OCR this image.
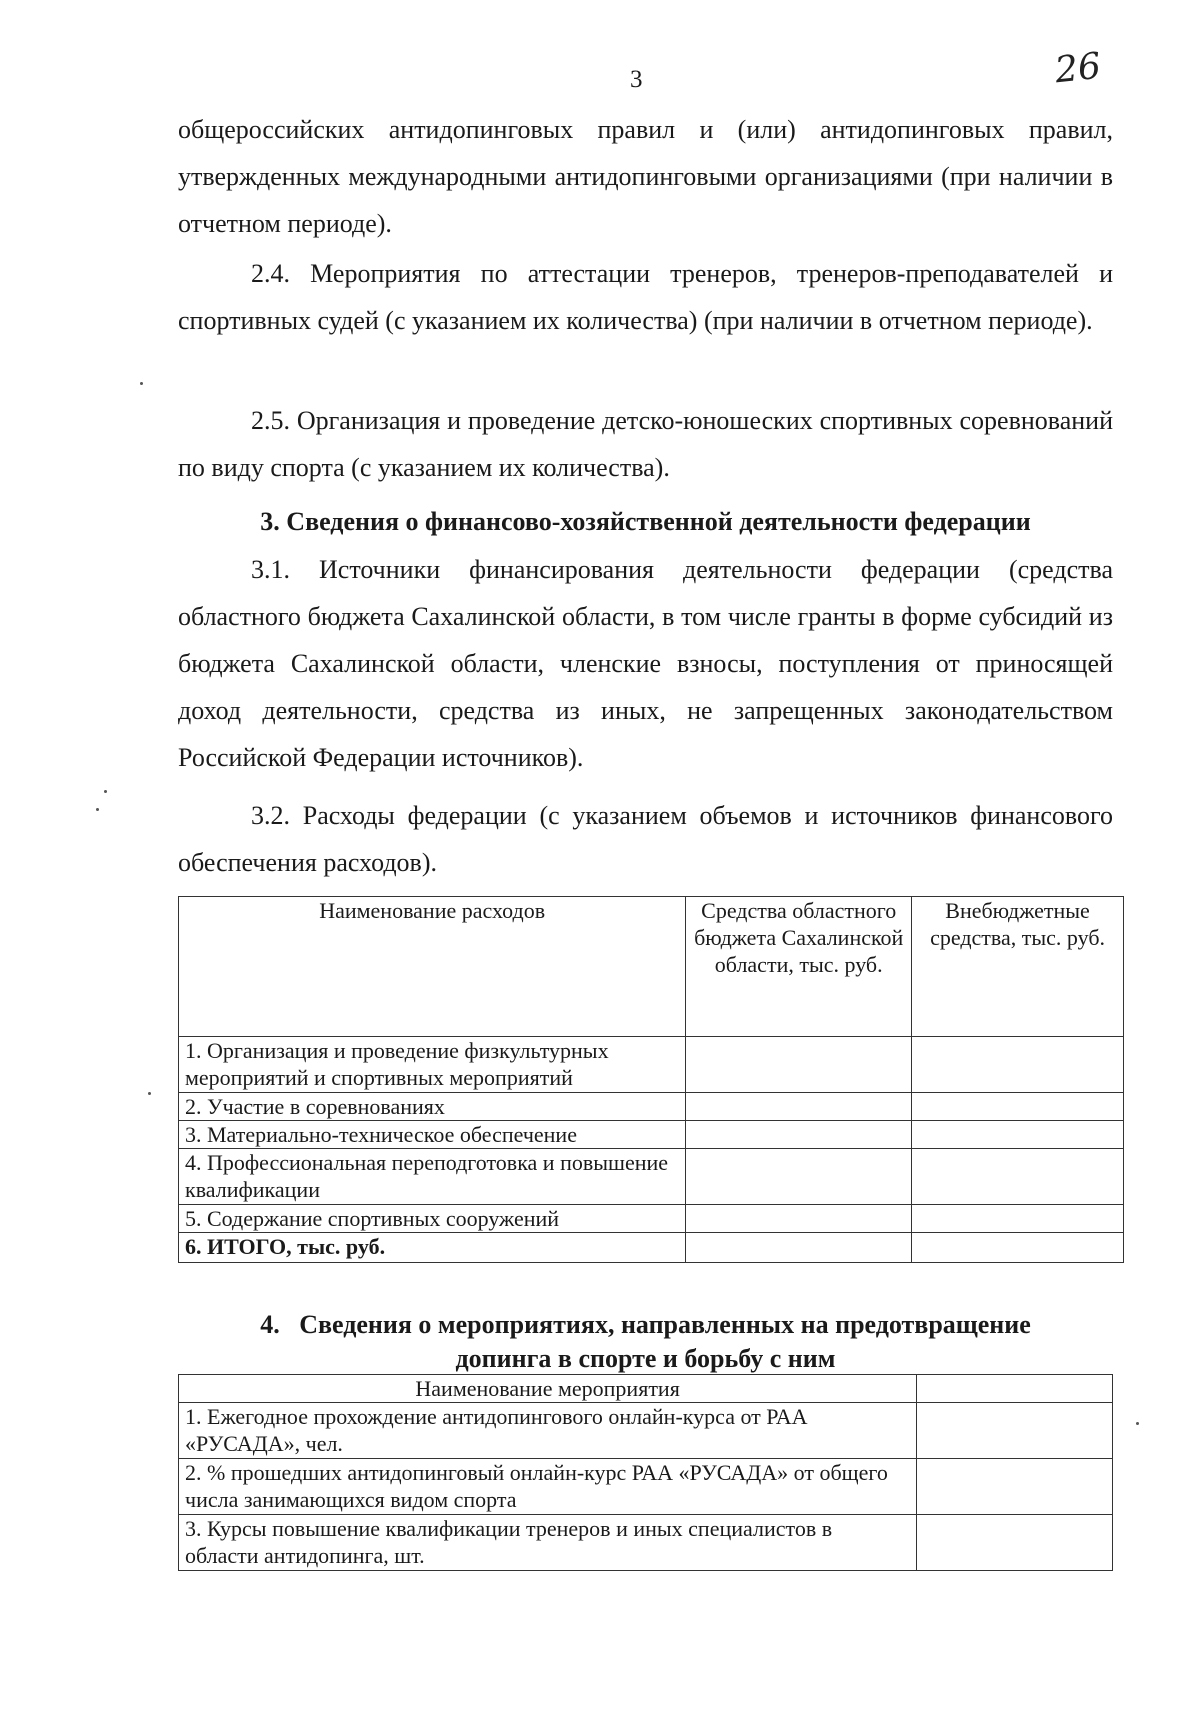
3	26

общероссийских антидопинговых правил и (или) антидопинговых правил, утвержденных международными антидопинговыми организациями (при наличии в отчетном периоде).

2.4. Мероприятия по аттестации тренеров, тренеров-преподавателей и спортивных судей (с указанием их количества) (при наличии в отчетном периоде).

2.5. Организация и проведение детско-юношеских спортивных соревнований по виду спорта (с указанием их количества).

3. Сведения о финансово-хозяйственной деятельности федерации

3.1. Источники финансирования деятельности федерации (средства областного бюджета Сахалинской области, в том числе гранты в форме субсидий из бюджета Сахалинской области, членские взносы, поступления от приносящей доход деятельности, средства из иных, не запрещенных законодательством Российской Федерации источников).

3.2. Расходы федерации (с указанием объемов и источников финансового обеспечения расходов).

Наименование расходов	Средства областного бюджета Сахалинской области, тыс. руб.	Внебюджетные средства, тыс. руб.
1. Организация и проведение физкультурных мероприятий и спортивных мероприятий		
2. Участие в соревнованиях		
3. Материально-техническое обеспечение		
4. Профессиональная переподготовка и повышение квалификации		
5. Содержание спортивных сооружений		
6. ИТОГО, тыс. руб.		
4. Сведения о мероприятиях, направленных на предотвращение
допинга в спорте и борьбу с ним
Наименование мероприятия	
1. Ежегодное прохождение антидопингового онлайн-курса от РАА «РУСАДА», чел.	
2. % прошедших антидопинговый онлайн-курс РАА «РУСАДА» от общего числа занимающихся видом спорта	
3. Курсы повышение квалификации тренеров и иных специалистов в области антидопинга, шт.	
